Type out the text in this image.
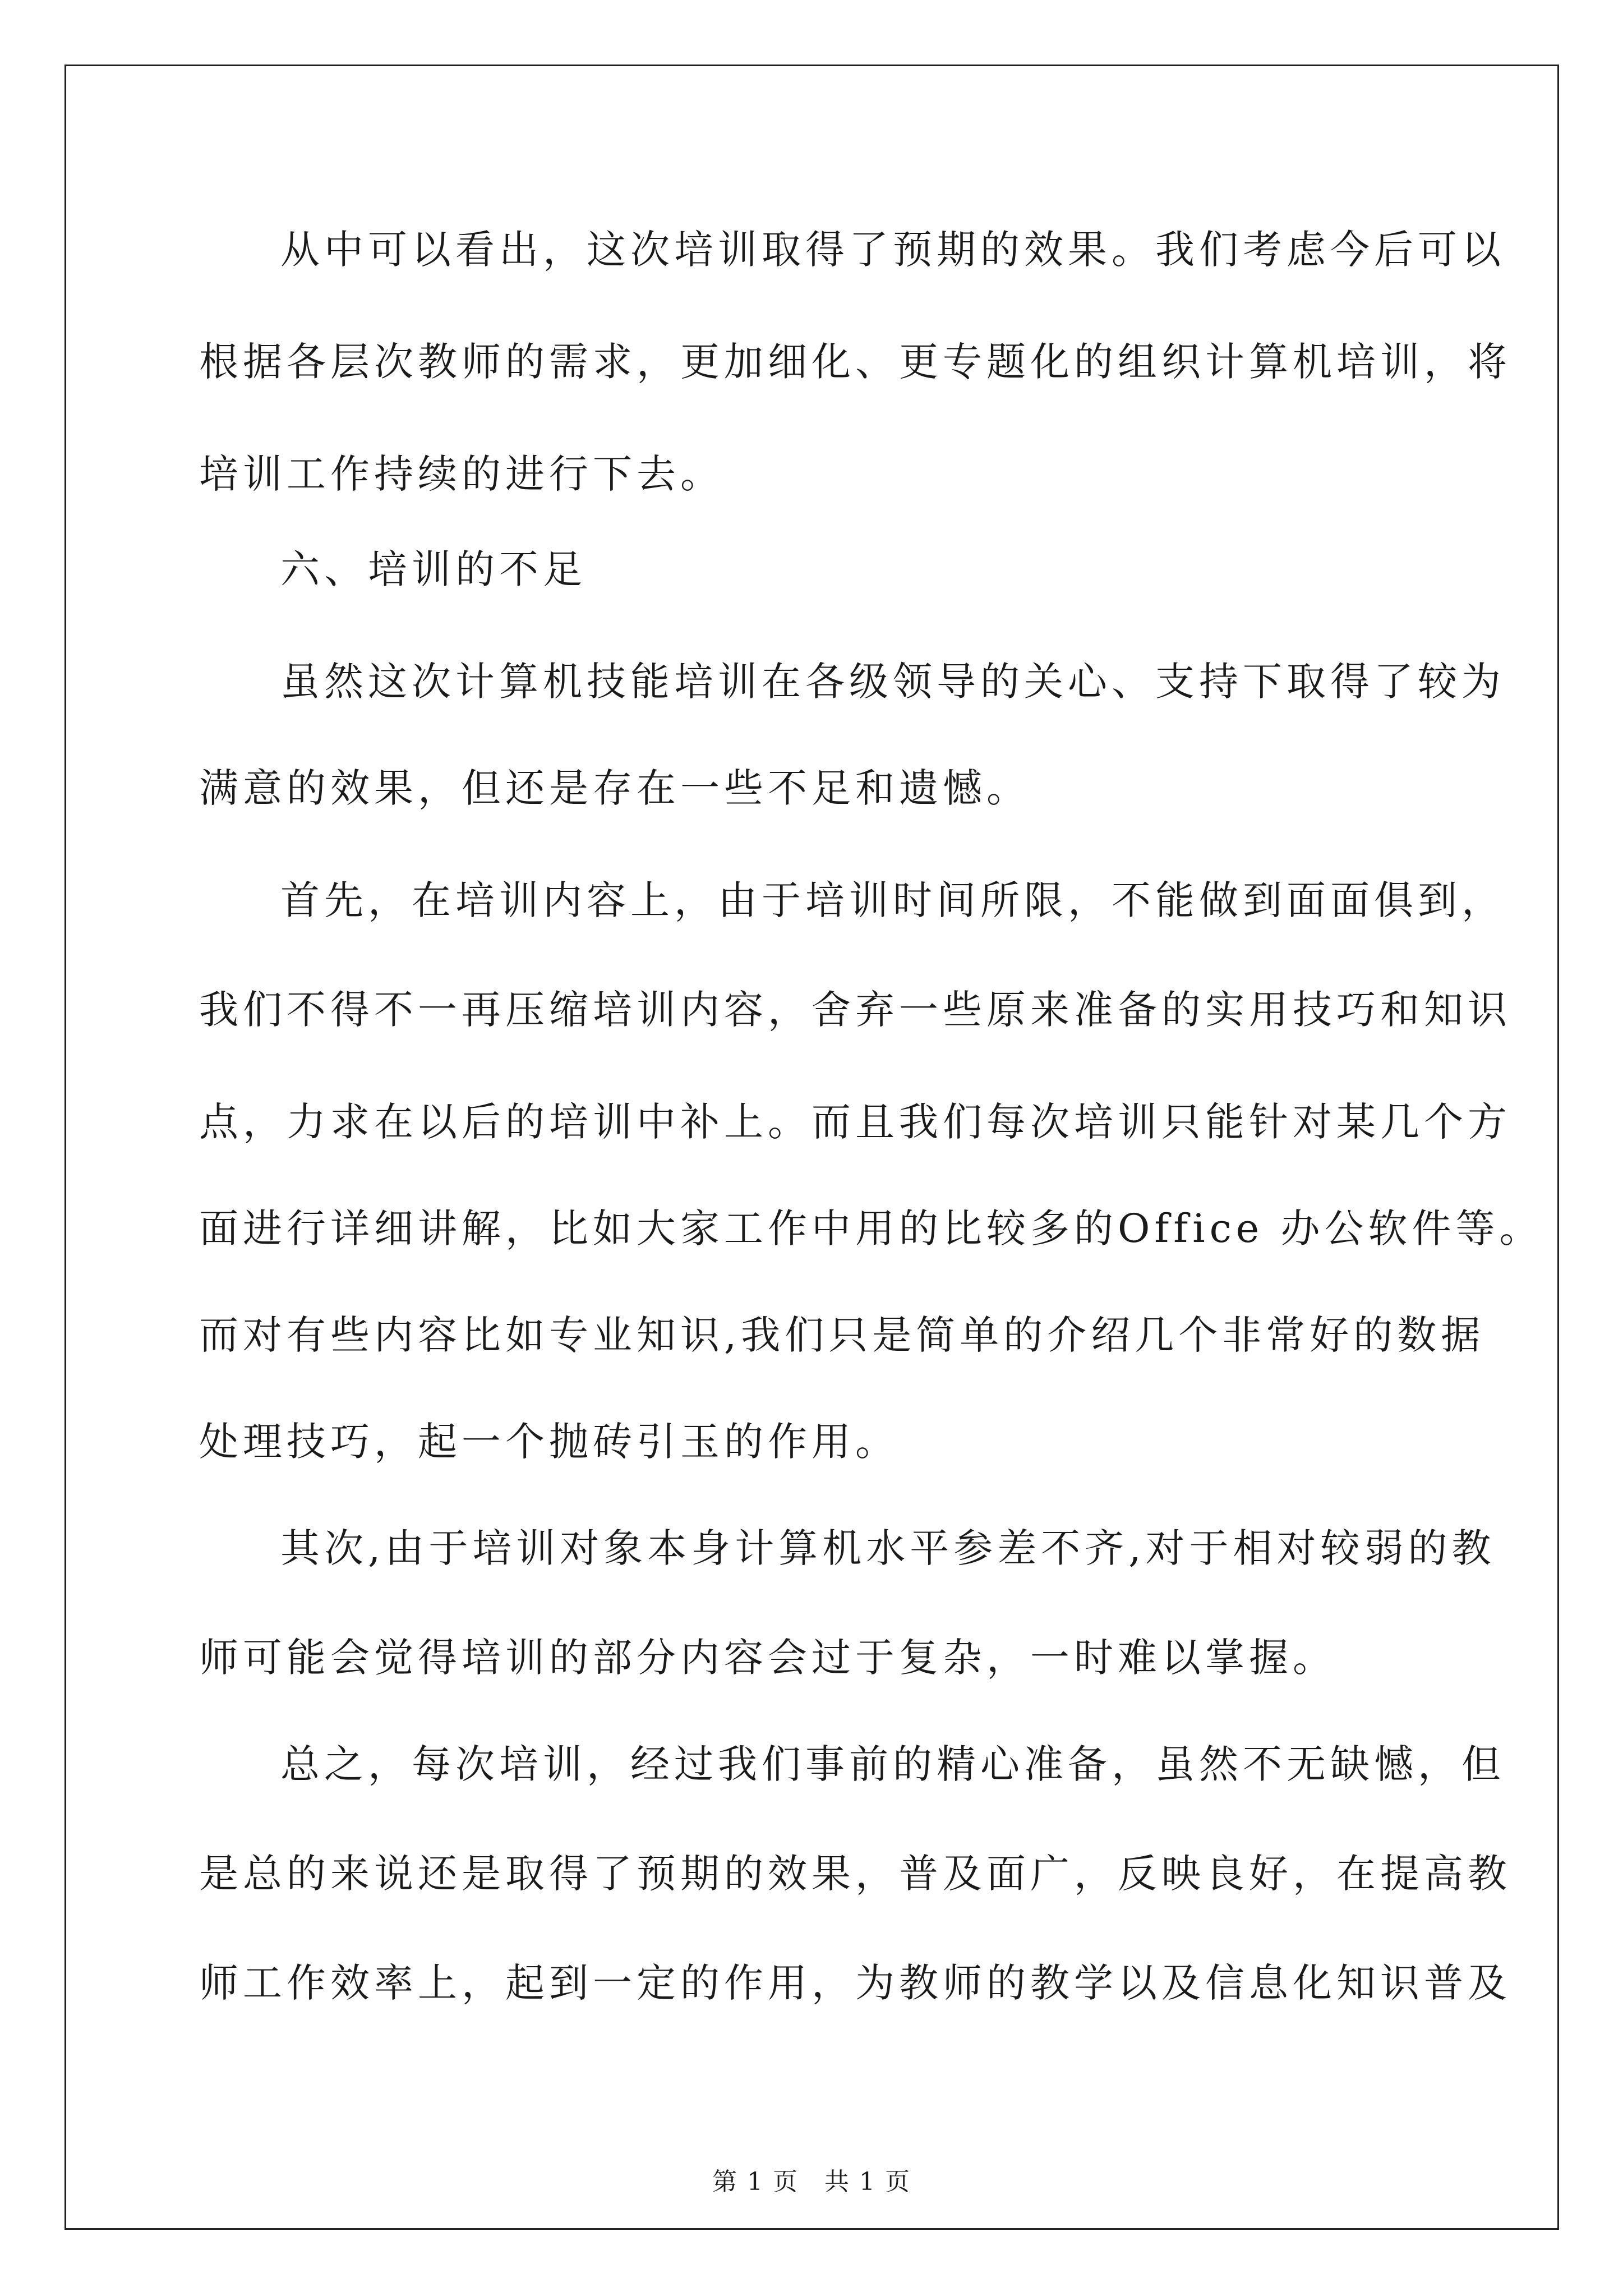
从中可以看出，这次培训取得了预期的效果。我们考虑今后可以
根据各层次教师的需求，更加细化、更专题化的组织计算机培训，将
培训工作持续的进行下去。
六、培训的不足
虽然这次计算机技能培训在各级领导的关心、支持下取得了较为
满意的效果，但还是存在一些不足和遗憾。
首先，在培训内容上，由于培训时间所限，不能做到面面俱到，
我们不得不一再压缩培训内容，舍弃一些原来准备的实用技巧和知识
点，力求在以后的培训中补上。而且我们每次培训只能针对某几个方
面进行详细讲解，比如大家工作中用的比较多的Office 办公软件等。
而对有些内容比如专业知识,我们只是简单的介绍几个非常好的数据
处理技巧，起一个抛砖引玉的作用。
其次,由于培训对象本身计算机水平参差不齐,对于相对较弱的教
师可能会觉得培训的部分内容会过于复杂，一时难以掌握。
总之，每次培训，经过我们事前的精心准备，虽然不无缺憾，但
是总的来说还是取得了预期的效果，普及面广，反映良好，在提高教
师工作效率上，起到一定的作用，为教师的教学以及信息化知识普及
第 1 页　共 1 页
